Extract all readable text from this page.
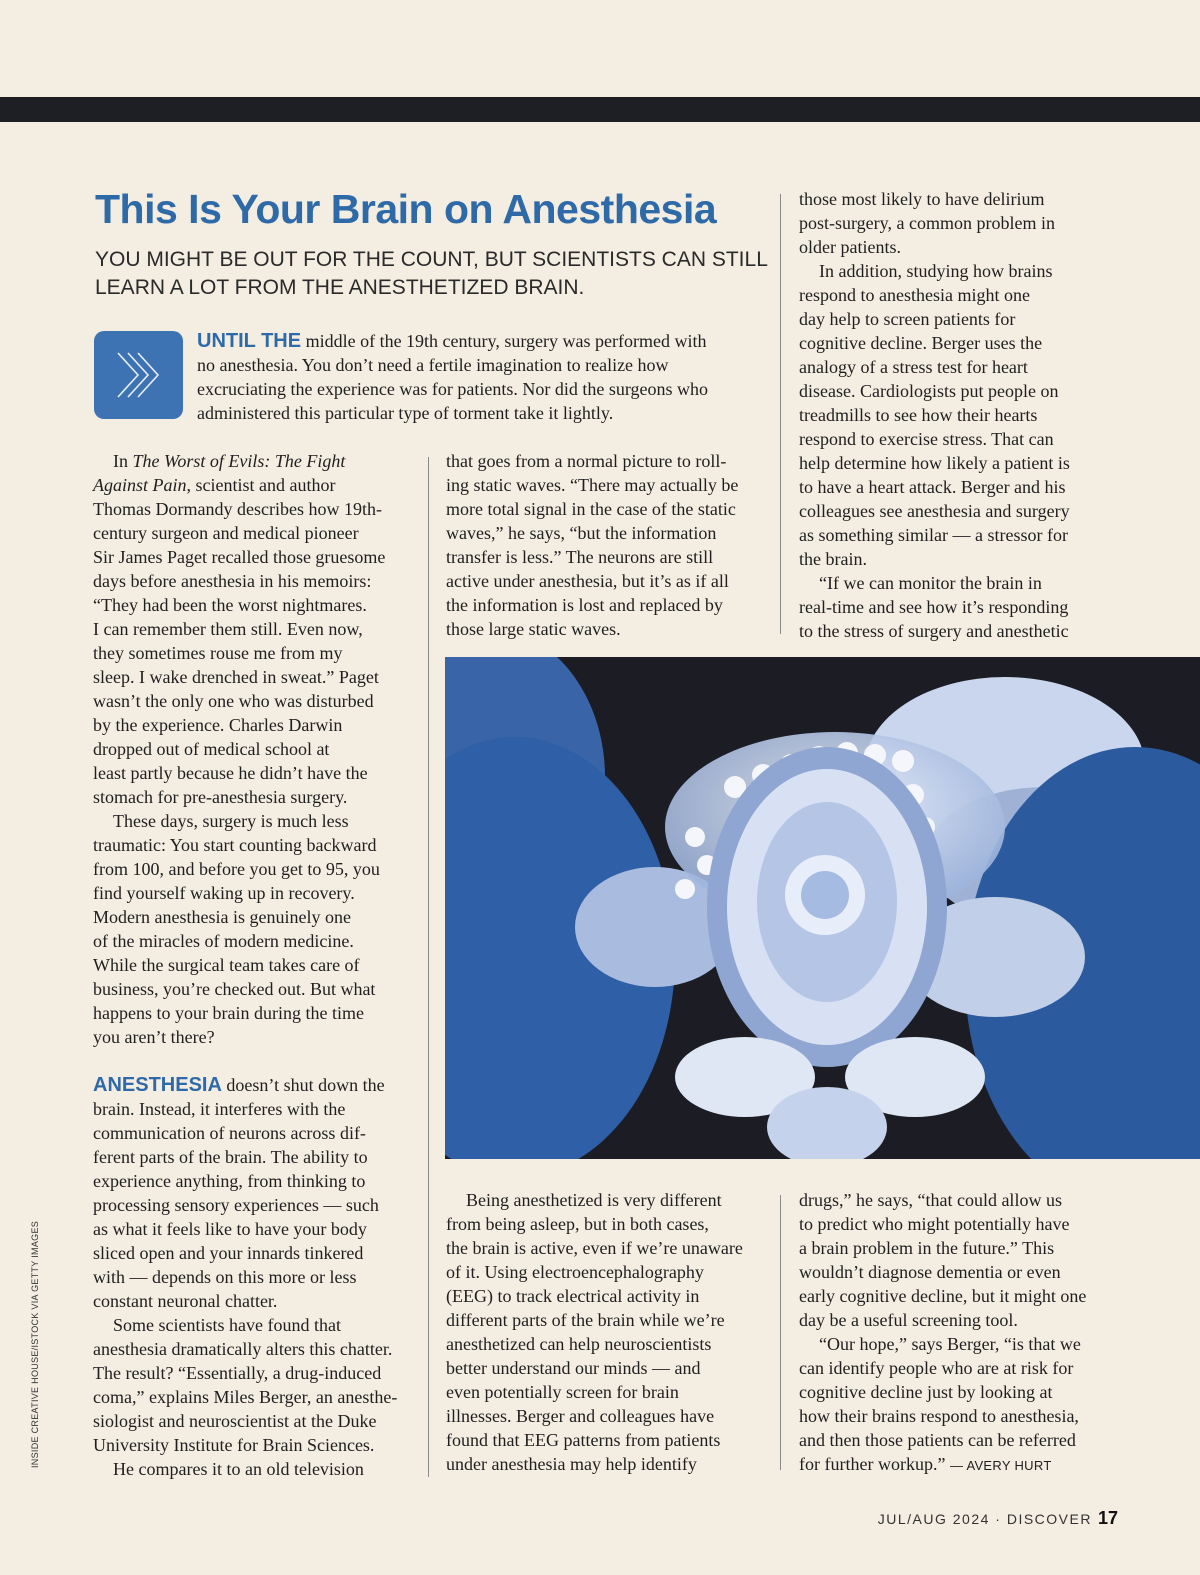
This Is Your Brain on Anesthesia

YOU MIGHT BE OUT FOR THE COUNT, BUT SCIENTISTS CAN STILL
LEARN A LOT FROM THE ANESTHETIZED BRAIN.

UNTIL THE middle of the 19th century, surgery was performed with
no anesthesia. You don’t need a fertile imagination to realize how
excruciating the experience was for patients. Nor did the surgeons who
administered this particular type of torment take it lightly.
In The Worst of Evils: The Fight
Against Pain, scientist and author
Thomas Dormandy describes how 19th-
century surgeon and medical pioneer
Sir James Paget recalled those gruesome
days before anesthesia in his memoirs:
“They had been the worst nightmares.
I can remember them still. Even now,
they sometimes rouse me from my
sleep. I wake drenched in sweat.” Paget
wasn’t the only one who was disturbed
by the experience. Charles Darwin
dropped out of medical school at
least partly because he didn’t have the
stomach for pre-anesthesia surgery.
These days, surgery is much less
traumatic: You start counting backward
from 100, and before you get to 95, you
find yourself waking up in recovery.
Modern anesthesia is genuinely one
of the miracles of modern medicine.
While the surgical team takes care of
business, you’re checked out. But what
happens to your brain during the time
you aren’t there?
ANESTHESIA doesn’t shut down the
brain. Instead, it interferes with the
communication of neurons across dif-
ferent parts of the brain. The ability to
experience anything, from thinking to
processing sensory experiences — such
as what it feels like to have your body
sliced open and your innards tinkered
with — depends on this more or less
constant neuronal chatter.
Some scientists have found that
anesthesia dramatically alters this chatter.
The result? “Essentially, a drug-induced
coma,” explains Miles Berger, an anesthe-
siologist and neuroscientist at the Duke
University Institute for Brain Sciences.
He compares it to an old television
that goes from a normal picture to roll-
ing static waves. “There may actually be
more total signal in the case of the static
waves,” he says, “but the information
transfer is less.” The neurons are still
active under anesthesia, but it’s as if all
the information is lost and replaced by
those large static waves.
those most likely to have delirium
post-surgery, a common problem in
older patients.
In addition, studying how brains
respond to anesthesia might one
day help to screen patients for
cognitive decline. Berger uses the
analogy of a stress test for heart
disease. Cardiologists put people on
treadmills to see how their hearts
respond to exercise stress. That can
help determine how likely a patient is
to have a heart attack. Berger and his
colleagues see anesthesia and surgery
as something similar — a stressor for
the brain.
“If we can monitor the brain in
real-time and see how it’s responding
to the stress of surgery and anesthetic
Being anesthetized is very different
from being asleep, but in both cases,
the brain is active, even if we’re unaware
of it. Using electroencephalography
(EEG) to track electrical activity in
different parts of the brain while we’re
anesthetized can help neuroscientists
better understand our minds — and
even potentially screen for brain
illnesses. Berger and colleagues have
found that EEG patterns from patients
under anesthesia may help identify
drugs,” he says, “that could allow us
to predict who might potentially have
a brain problem in the future.” This
wouldn’t diagnose dementia or even
early cognitive decline, but it might one
day be a useful screening tool.
“Our hope,” says Berger, “is that we
can identify people who are at risk for
cognitive decline just by looking at
how their brains respond to anesthesia,
and then those patients can be referred
for further workup.” — AVERY HURT
INSIDE CREATIVE HOUSE/ISTOCK VIA GETTY IMAGES
JUL/AUG 2024 · DISCOVER 17
